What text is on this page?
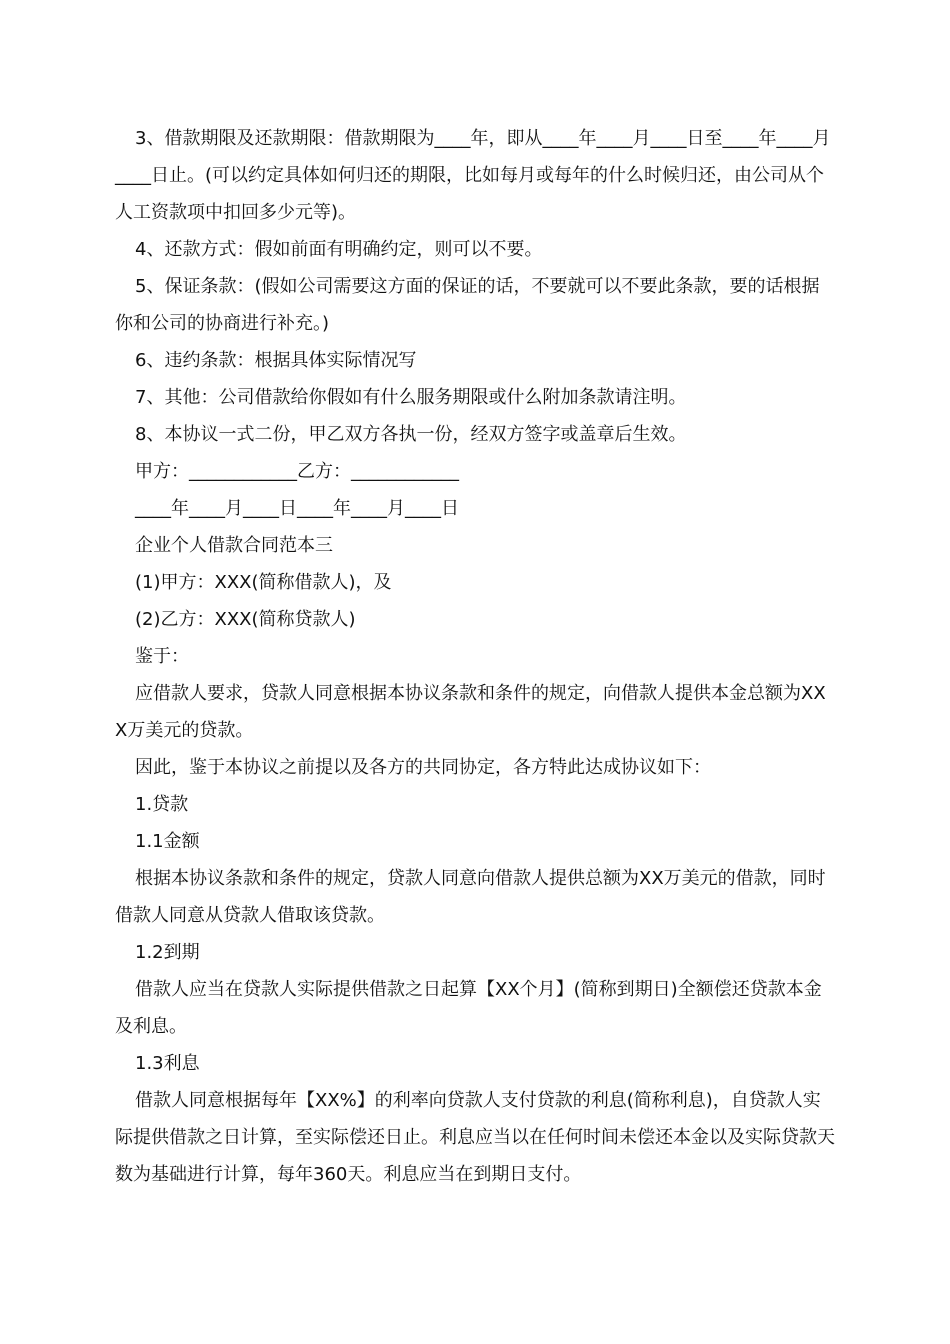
3、借款期限及还款期限：借款期限为____年，即从____年____月____日至____年____月____日止。(可以约定具体如何归还的期限，比如每月或每年的什么时候归还，由公司从个人工资款项中扣回多少元等)。

4、还款方式：假如前面有明确约定，则可以不要。

5、保证条款：(假如公司需要这方面的保证的话，不要就可以不要此条款，要的话根据你和公司的协商进行补充。)

6、违约条款：根据具体实际情况写

7、其他：公司借款给你假如有什么服务期限或什么附加条款请注明。

8、本协议一式二份，甲乙双方各执一份，经双方签字或盖章后生效。

甲方：____________乙方：____________

____年____月____日____年____月____日

企业个人借款合同范本三

(1)甲方：XXX(简称借款人)，及

(2)乙方：XXX(简称贷款人)

鉴于：

应借款人要求，贷款人同意根据本协议条款和条件的规定，向借款人提供本金总额为XXX万美元的贷款。

因此，鉴于本协议之前提以及各方的共同协定，各方特此达成协议如下：

1.贷款

1.1金额

根据本协议条款和条件的规定，贷款人同意向借款人提供总额为XX万美元的借款，同时借款人同意从贷款人借取该贷款。

1.2到期

借款人应当在贷款人实际提供借款之日起算【XX个月】(简称到期日)全额偿还贷款本金及利息。

1.3利息

借款人同意根据每年【XX%】的利率向贷款人支付贷款的利息(简称利息)，自贷款人实际提供借款之日计算，至实际偿还日止。利息应当以在任何时间未偿还本金以及实际贷款天数为基础进行计算，每年360天。利息应当在到期日支付。
